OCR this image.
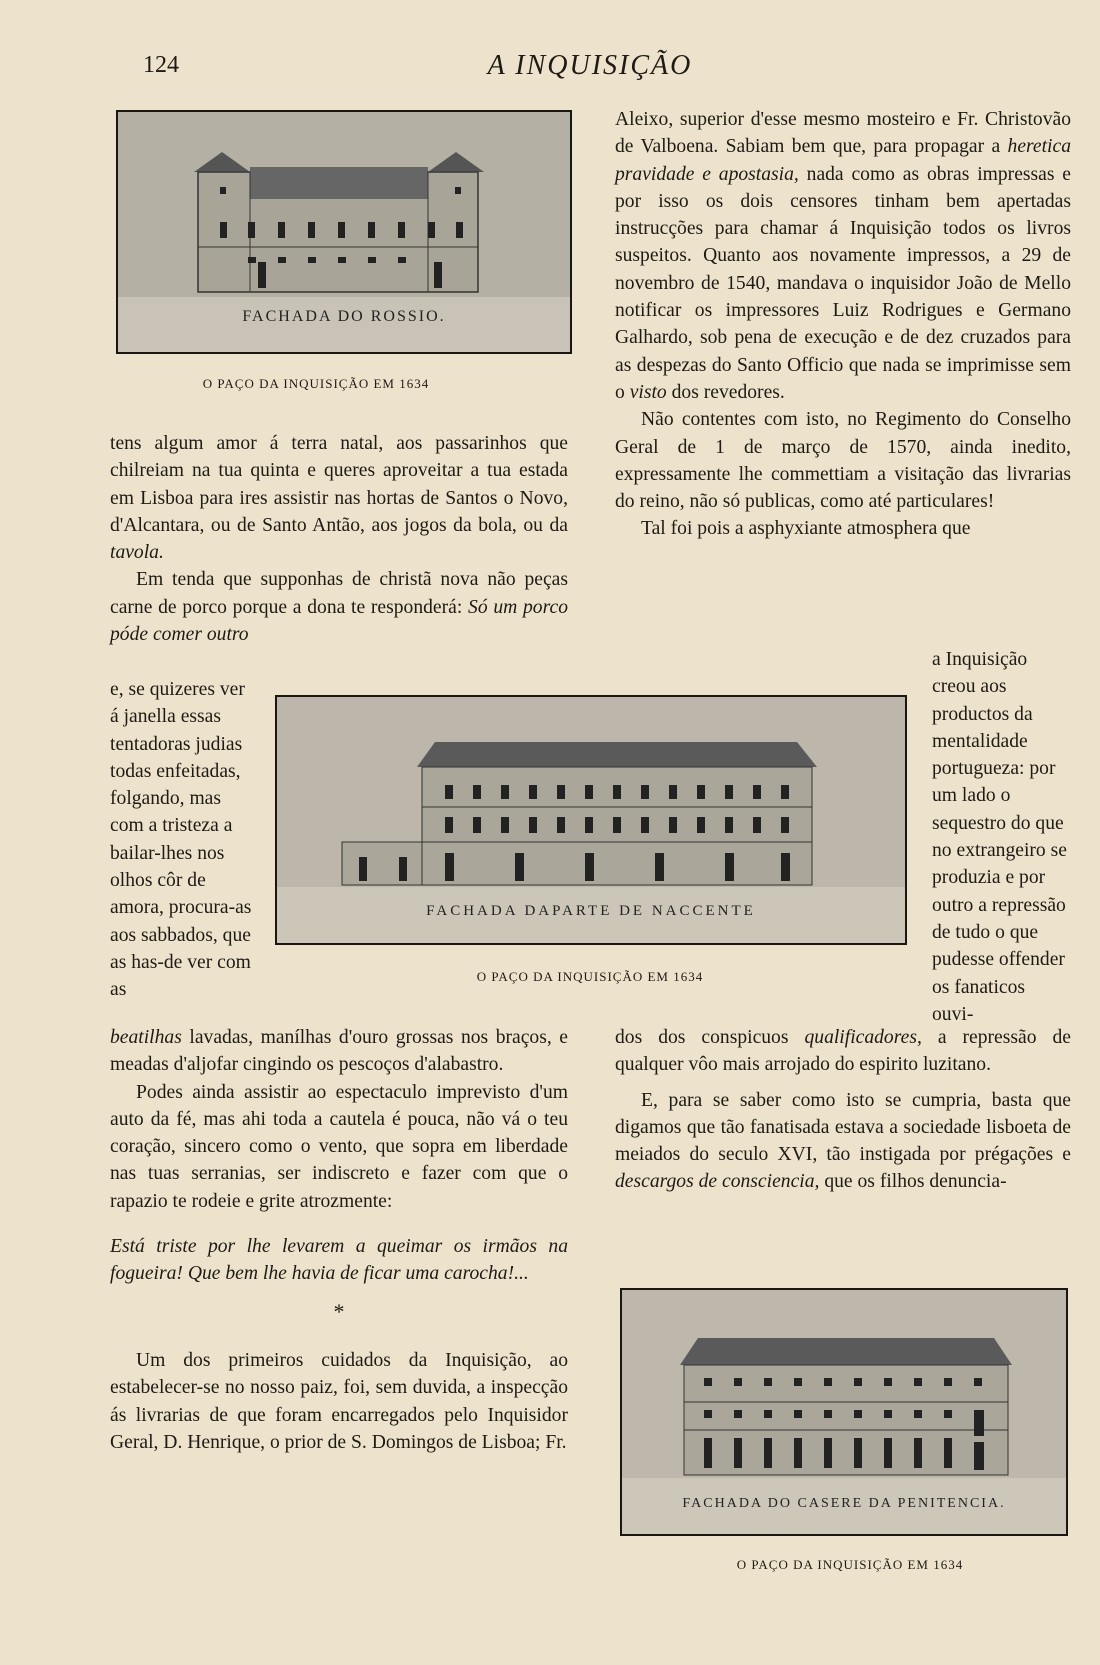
124	A INQUISIÇÃO
FACHADA DO ROSSIO.
O PAÇO DA INQUISIÇÃO EM 1634
FACHADA DAPARTE DE NACCENTE
O PAÇO DA INQUISIÇÃO EM 1634
FACHADA DO CASERE DA PENITENCIA.
O PAÇO DA INQUISIÇÃO EM 1634

tens algum amor á terra natal, aos passarinhos que chilreiam na tua quinta e queres aproveitar a tua estada em Lisboa para ires assistir nas hortas de Santos o Novo, d'Alcantara, ou de Santo Antão, aos jogos da bola, ou da tavola.

Em tenda que supponhas de christã nova não peças carne de porco porque a dona te responderá: Só um porco póde comer outro

e, se quizeres ver á janella essas tentadoras judias todas enfeitadas, folgando, mas com a tristeza a bailar-lhes nos olhos côr de amora, procura-as aos sabbados, que as has-de ver com as

beatilhas lavadas, manílhas d'ouro grossas nos braços, e meadas d'aljofar cingindo os pescoços d'alabastro.

Podes ainda assistir ao espectaculo imprevisto d'um auto da fé, mas ahi toda a cautela é pouca, não vá o teu coração, sincero como o vento, que sopra em liberdade nas tuas serranias, ser indiscreto e fazer com que o rapazio te rodeie e grite atrozmente:

Está triste por lhe levarem a queimar os irmãos na fogueira! Que bem lhe havia de ficar uma carocha!...

*

Um dos primeiros cuidados da Inquisição, ao estabelecer-se no nosso paiz, foi, sem duvida, a inspecção ás livrarias de que foram encarregados pelo Inquisidor Geral, D. Henrique, o prior de S. Domingos de Lisboa; Fr.

Aleixo, superior d'esse mesmo mosteiro e Fr. Christovão de Valboena. Sabiam bem que, para propagar a heretica pravidade e apostasia, nada como as obras impressas e por isso os dois censores tinham bem apertadas instrucções para chamar á Inquisição todos os livros suspeitos. Quanto aos novamente impressos, a 29 de novembro de 1540, mandava o inquisidor João de Mello notificar os impressores Luiz Rodrigues e Germano Galhardo, sob pena de execução e de dez cruzados para as despezas do Santo Officio que nada se imprimisse sem o visto dos revedores.

Não contentes com isto, no Regimento do Conselho Geral de 1 de março de 1570, ainda inedito, expressamente lhe commettiam a visitação das livrarias do reino, não só publicas, como até particulares!

Tal foi pois a asphyxiante atmosphera que

a Inquisição creou aos productos da mentalidade portugueza: por um lado o sequestro do que no extrangeiro se produzia e por outro a repressão de tudo o que pudesse offender os fanaticos ouvi-

dos dos conspicuos qualificadores, a repressão de qualquer vôo mais arrojado do espirito luzitano.

E, para se saber como isto se cumpria, basta que digamos que tão fanatisada estava a sociedade lisboeta de meiados do seculo XVI, tão instigada por prégações e descargos de consciencia, que os filhos denuncia-
